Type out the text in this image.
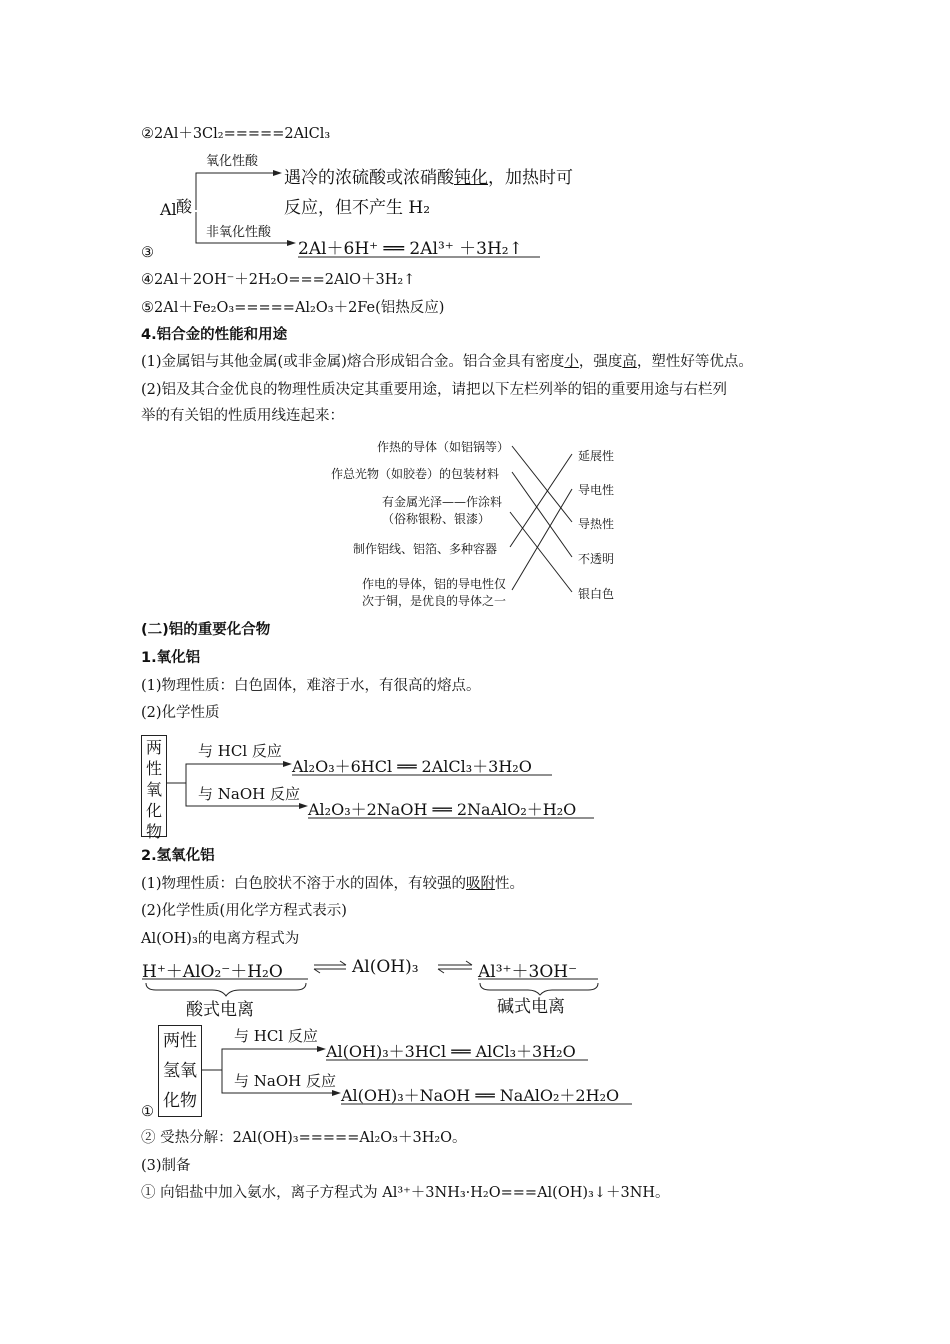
②2Al＋3Cl₂=====2AlCl₃
Al 酸
氧化性酸
遇冷的浓硫酸或浓硝酸钝化，加热时可
反应，但不产生 H₂
非氧化性酸
2Al＋6H⁺ ══ 2Al³⁺ ＋3H₂↑
③
④2Al＋2OH⁻＋2H₂O===2AlO＋3H₂↑
⑤2Al＋Fe₂O₃=====Al₂O₃＋2Fe(铝热反应)
4.铝合金的性能和用途
(1)金属铝与其他金属(或非金属)熔合形成铝合金。铝合金具有密度小，强度高，塑性好等优点。
(2)铝及其合金优良的物理性质决定其重要用途，请把以下左栏列举的铝的重要用途与右栏列
举的有关铝的性质用线连起来：
作热的导体（如铝锅等）
作总光物（如胶卷）的包装材料
有金属光泽——作涂料
（俗称银粉、银漆）
制作铝线、铝箔、多种容器
作电的导体，铝的导电性仅
次于铜，是优良的导体之一
延展性
导电性
导热性
不透明
银白色
(二)铝的重要化合物
1.氧化铝
(1)物理性质：白色固体，难溶于水，有很高的熔点。
(2)化学性质
两
性
氧
化
物
与 HCl 反应
Al₂O₃＋6HCl ══ 2AlCl₃＋3H₂O
与 NaOH 反应
Al₂O₃＋2NaOH ══ 2NaAlO₂＋H₂O
2.氢氧化铝
(1)物理性质：白色胶状不溶于水的固体，有较强的吸附性。
(2)化学性质(用化学方程式表示)
Al(OH)₃的电离方程式为
H⁺＋AlO₂⁻＋H₂O	Al(OH)₃	Al³⁺＋3OH⁻
酸式电离	碱式电离
两性
氢氧
化物
与 HCl 反应
Al(OH)₃＋3HCl ══ AlCl₃＋3H₂O
与 NaOH 反应
Al(OH)₃＋NaOH ══ NaAlO₂＋2H₂O
①
② 受热分解：2Al(OH)₃=====Al₂O₃＋3H₂O。
(3)制备
① 向铝盐中加入氨水，离子方程式为 Al³⁺＋3NH₃·H₂O===Al(OH)₃↓＋3NH。
